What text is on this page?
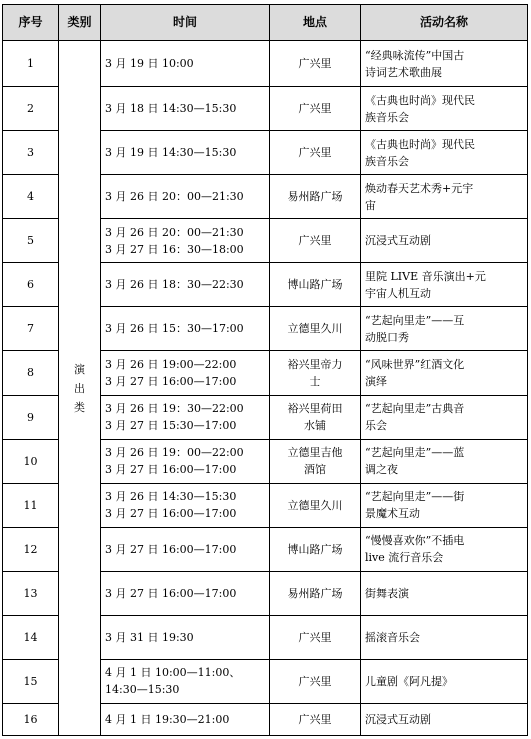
序号	类别	时间	地点	活动名称
1	演出类	3 月 19 日 10:00	广兴里	“经典咏流传”中国古
诗词艺术歌曲展

2		3 月 18 日 14:30—15:30	广兴里	《古典也时尚》现代民
族音乐会

3		3 月 19 日 14:30—15:30	广兴里	《古典也时尚》现代民
族音乐会

4		3 月 26 日 20：00—21:30	易州路广场	焕动春天艺术秀+元宇
宙

5		3 月 26 日 20：00—21:30
3 月 27 日 16：30—18:00	广兴里	沉浸式互动剧

6		3 月 26 日 18：30—22:30	博山路广场	里院 LIVE 音乐演出+元
宇宙人机互动

7		3 月 26 日 15：30—17:00	立德里久川	“艺起向里走”——互
动脱口秀

8		3 月 26 日 19:00—22:00
3 月 27 日 16:00—17:00	裕兴里帝力
士	“风味世界”红酒文化
演绎

9		3 月 26 日 19：30—22:00
3 月 27 日 15:30—17:00	裕兴里荷田
水铺	“艺起向里走”古典音
乐会

10		3 月 26 日 19：00—22:00
3 月 27 日 16:00—17:00	立德里吉他
酒馆	“艺起向里走”——蓝
调之夜

11		3 月 26 日 14:30—15:30
3 月 27 日 16:00—17:00	立德里久川	“艺起向里走”——街
景魔术互动

12		3 月 27 日 16:00—17:00	博山路广场	“慢慢喜欢你”不插电
live 流行音乐会

13		3 月 27 日 16:00—17:00	易州路广场	街舞表演

14		3 月 31 日 19:30	广兴里	摇滚音乐会

15		4 月 1 日 10:00—11:00、
14:30—15:30	广兴里	儿童剧《阿凡提》

16		4 月 1 日 19:30—21:00	广兴里	沉浸式互动剧
